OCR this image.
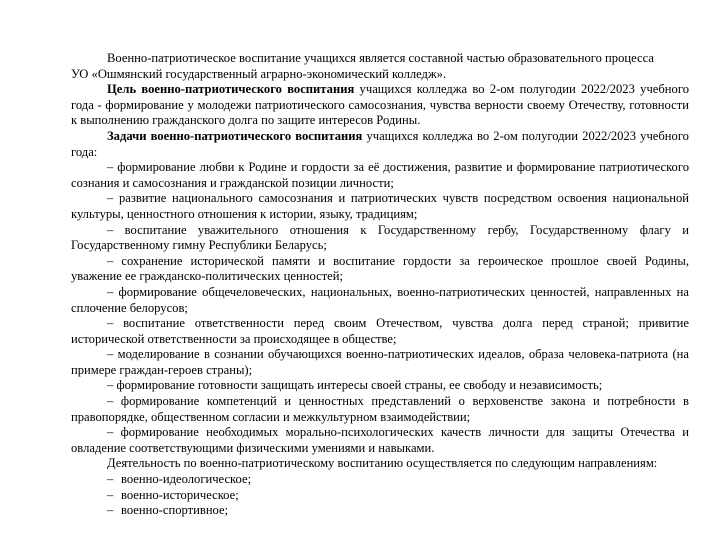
Военно-патриотическое воспитание учащихся является составной частью образовательного процесса
УО «Ошмянский государственный аграрно-экономический колледж».

Цель военно-патриотического воспитания учащихся колледжа во 2-ом полугодии 2022/2023 учебного года - формирование у молодежи патриотического самосознания, чувства верности своему Отечеству, готовности к выполнению гражданского долга по защите интересов Родины.

Задачи военно-патриотического воспитания учащихся колледжа во 2-ом полугодии 2022/2023 учебного года:

– формирование любви к Родине и гордости за её достижения, развитие и формирование патриотического сознания и самосознания и гражданской позиции личности;

– развитие национального самосознания и патриотических чувств посредством освоения национальной культуры, ценностного отношения к истории, языку, традициям;

– воспитание уважительного отношения к Государственному гербу, Государственному флагу и Государственному гимну Республики Беларусь;

– сохранение исторической памяти и воспитание гордости за героическое прошлое своей Родины, уважение ее гражданско-политических ценностей;

– формирование общечеловеческих, национальных, военно-патриотических ценностей, направленных на сплочение белорусов;

– воспитание ответственности перед своим Отечеством, чувства долга перед страной; привитие исторической ответственности за происходящее в обществе;

– моделирование в сознании обучающихся военно-патриотических идеалов, образа человека-патриота (на примере граждан-героев страны);

– формирование готовности защищать интересы своей страны, ее свободу и независимость;

– формирование компетенций и ценностных представлений о верховенстве закона и потребности в правопорядке, общественном согласии и межкультурном взаимодействии;

– формирование необходимых морально-психологических качеств личности для защиты Отечества и овладение соответствующими физическими умениями и навыками.

Деятельность по военно-патриотическому воспитанию осуществляется по следующим направлениям:

– военно-идеологическое;

– военно-историческое;

– военно-спортивное;
